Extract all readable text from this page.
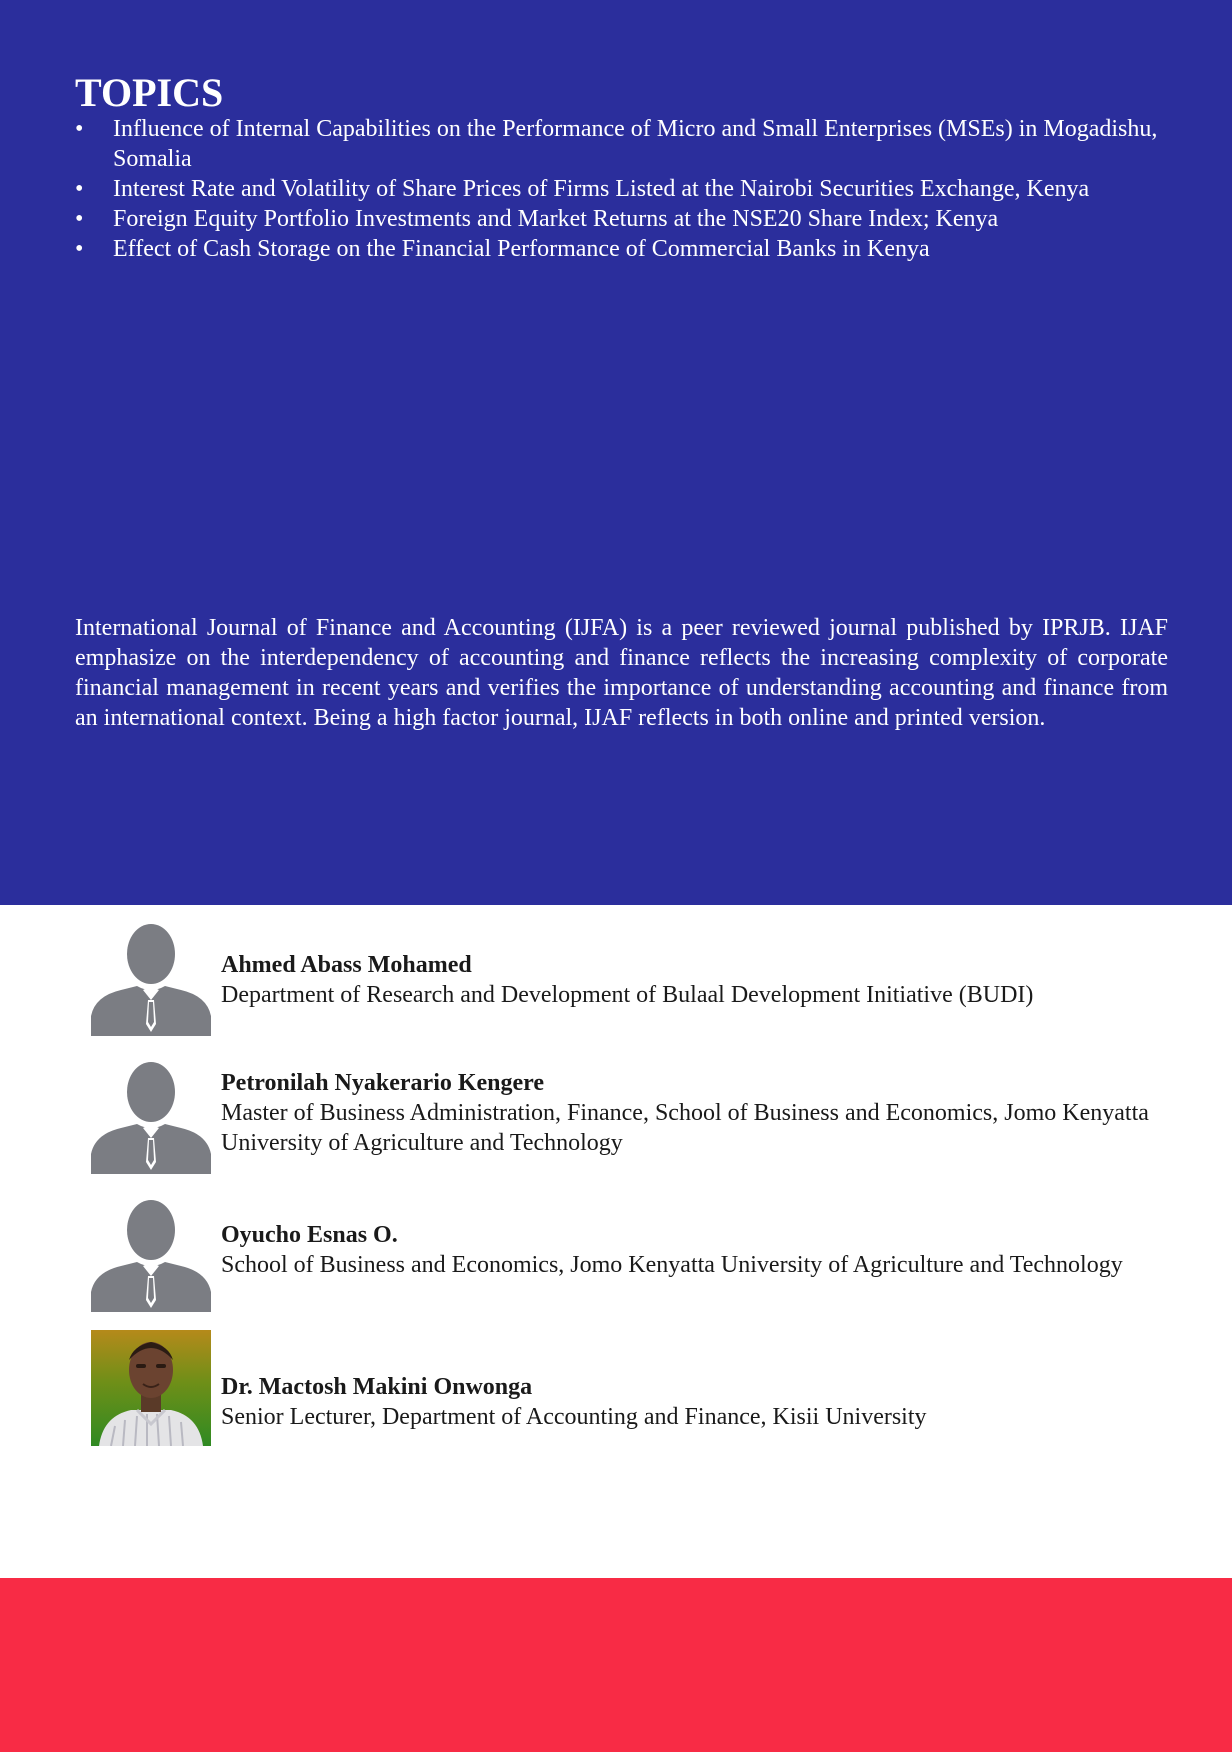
TOPICS
• Influence of Internal Capabilities on the Performance of Micro and Small Enterprises (MSEs) in Mogadishu, Somalia
• Interest Rate and Volatility of Share Prices of Firms Listed at the Nairobi Securities Exchange, Kenya
• Foreign Equity Portfolio Investments and Market Returns at the NSE20 Share Index; Kenya
• Effect of Cash Storage on the Financial Performance of Commercial Banks in Kenya

International Journal of Finance and Accounting (IJFA) is a peer reviewed journal published by IPRJB. IJAF emphasize on the interdependency of accounting and finance reflects the increasing complexity of corporate financial management in recent years and verifies the importance of understanding accounting and finance from an international context. Being a high factor journal, IJAF reflects in both online and printed version.

Ahmed Abass Mohamed
Department of Research and Development of Bulaal Development Initiative (BUDI)
Petronilah Nyakerario Kengere
Master of Business Administration, Finance, School of Business and Economics, Jomo Kenyatta University of Agriculture and Technology
Oyucho Esnas O.
School of Business and Economics, Jomo Kenyatta University of Agriculture and Technology
Dr. Mactosh Makini Onwonga
Senior Lecturer, Department of Accounting and Finance, Kisii University
